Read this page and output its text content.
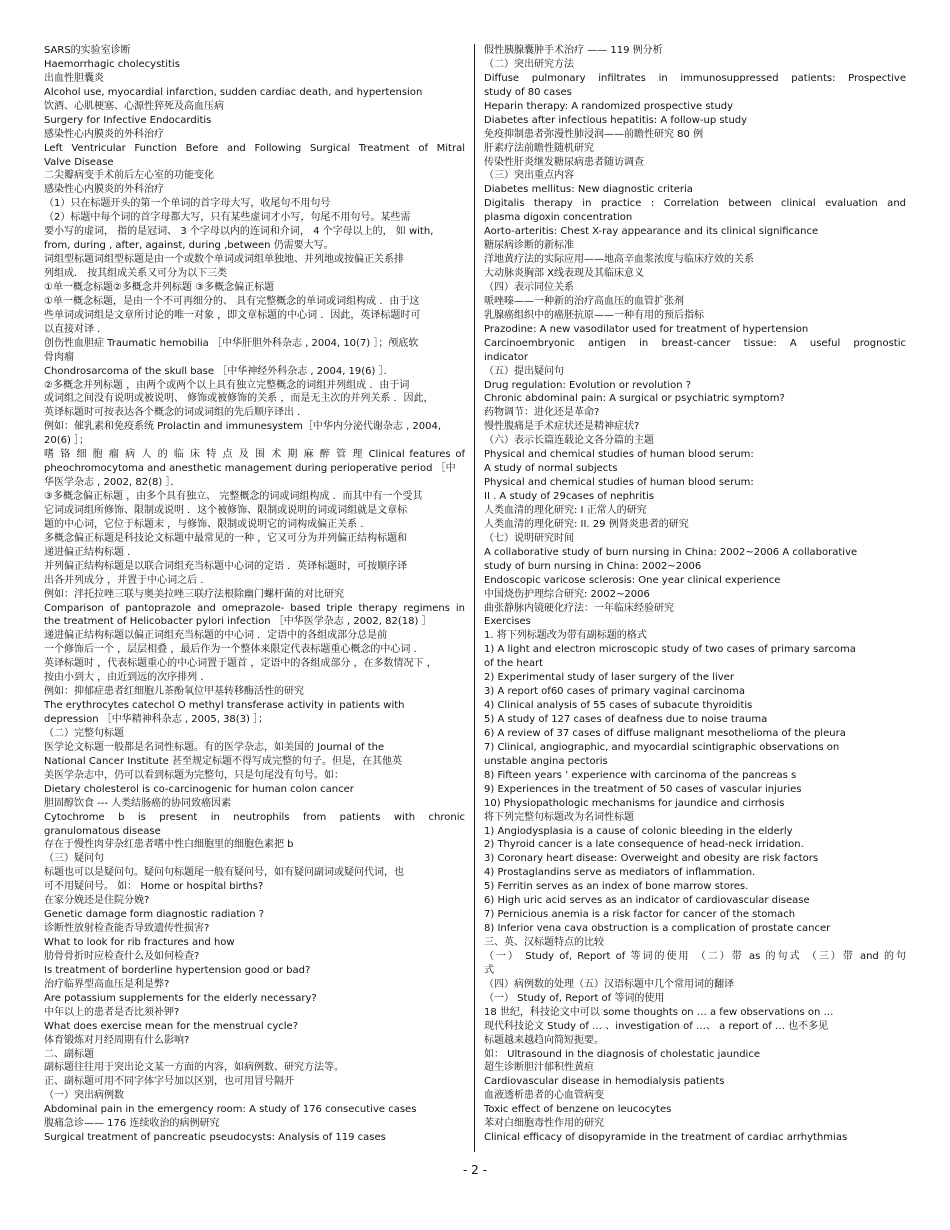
SARS的实验室诊断
Haemorrhagic cholecystitis
出血性胆囊炎
Alcohol use, myocardial infarction, sudden cardiac death, and hypertension
饮酒、心肌梗塞、心源性猝死及高血压病
Surgery for Infective Endocarditis
感染性心内膜炎的外科治疗
Left Ventricular Function Before and Following Surgical Treatment of Mitral
Valve Disease
二尖瓣病变手术前后左心室的功能变化
感染性心内膜炎的外科治疗
（1）只在标题开头的第一个单词的首字母大写，收尾句不用句号
（2）标题中每个词的首字母都大写，只有某些虚词才小写，句尾不用句号。某些需
要小写的虚词， 指的是冠词、 3 个字母以内的连词和介词， 4 个字母以上的， 如 with,
from, during , after, against, during ,between 仍需要大写。
词组型标题词组型标题是由一个或数个单词或词组单独地、并列地或按偏正关系排
列组成． 按其组成关系又可分为以下三类
①单一概念标题②多概念并列标题 ③多概念偏正标题
①单一概念标题，是由一个不可再细分的、 具有完整概念的单词或词组构成 ．由于这
些单词或词组是文章所讨论的唯一对象 ，即文章标题的中心词 ．因此，英译标题时可
以直接对译 ．
创伤性血胆症 Traumatic hemobilia ［中华肝胆外科杂志 , 2004, 10(7) ］；颅底软
骨肉瘤
Chondrosarcoma of the skull base ［中华神经外科杂志 , 2004, 19(6) ］．
②多概念并列标题 ，由两个或两个以上具有独立完整概念的词组并列组成 ．由于词
或词组之间没有说明或被说明、 修饰或被修饰的关系 ，而是无主次的并列关系 ．因此，
英译标题时可按表达各个概念的词或词组的先后顺序译出 ．
例如：催乳素和免疫系统 Prolactin and immunesystem［中华内分泌代谢杂志 , 2004,
20(6) ］；
嗜 铬 细 胞 瘤 病 人 的 临 床 特 点 及 围 术 期 麻 醉 管 理 Clinical features of
pheochromocytoma and anesthetic management during perioperative period ［中
华医学杂志 , 2002, 82(8) ］．
③多概念偏正标题 ，由多个具有独立、 完整概念的词或词组构成 ．而其中有一个受其
它词或词组所修饰、限制或说明 ．这个被修饰、限制或说明的词或词组就是文章标
题的中心词，它位于标题末 ，与修饰、限制或说明它的词构成偏正关系 ．
多概念偏正标题是科技论文标题中最常见的一种 ，它又可分为并列偏正结构标题和
递进偏正结构标题 ．
并列偏正结构标题是以联合词组充当标题中心词的定语 ．英译标题时，可按顺序译
出各并列成分 ，并置于中心词之后 ．
例如：泮托拉唑三联与奥美拉唑三联疗法根除幽门螺杆菌的对比研究
Comparison of pantoprazole and omeprazole- based triple therapy regimens in
the treatment of Helicobacter pylori infection ［中华医学杂志 , 2002, 82(18) ］
递进偏正结构标题以偏正词组充当标题的中心词 ．定语中的各组成部分总是前
一个修饰后一个 ，层层相叠 ，最后作为一个整体来限定代表标题重心概念的中心词 ．
英译标题时 ，代表标题重心的中心词置于题首 ，定语中的各组成部分 ，在多数情况下 ，
按由小到大 ，由近到远的次序排列 ．
例如：抑郁症患者红细胞儿茶酚氧位甲基转移酶活性的研究
The erythrocytes catechol O methyl transferase activity in patients with
depression ［中华精神科杂志 , 2005, 38(3) ］；
（二）完整句标题
医学论文标题一般都是名词性标题。有的医学杂志，如美国的 Journal of the
National Cancer Institute 甚至规定标题不得写成完整的句子。但是，在其他英
美医学杂志中，仍可以看到标题为完整句，只是句尾没有句号。如：
Dietary cholesterol is co-carcinogenic for human colon cancer
胆固醇饮食 --- 人类结肠癌的协同致癌因素
Cytochrome b is present in neutrophils from patients with chronic
granulomatous disease
存在于慢性肉芽杂红患者嗜中性白细胞里的细胞色素把 b
（三）疑问句
标题也可以是疑问句。疑问句标题尾一般有疑问号，如有疑问副词或疑问代词，也
可不用疑问号。 如： Home or hospital births?
在家分娩还是住院分娩?
Genetic damage form diagnostic radiation ?
诊断性放射检查能否导致遗传性损害?
What to look for rib fractures and how
肋骨骨折时应检查什么及如何检查?
Is treatment of borderline hypertension good or bad?
治疗临界型高血压是利是弊?
Are potassium supplements for the elderly necessary?
中年以上的患者是否比须补钾?
What does exercise mean for the menstrual cycle?
体育锻炼对月经周期有什么影响?
二、副标题
副标题往往用于突出论文某一方面的内容，如病例数、研究方法等。
正、副标题可用不同字体字号加以区别，也可用冒号隔开
（一）突出病例数
Abdominal pain in the emergency room: A study of 176 consecutive cases
腹痛急诊—— 176 连续收治的病例研究
Surgical treatment of pancreatic pseudocysts: Analysis of 119 cases
假性胰腺囊肿手术治疗 —— 119 例分析
（二）突出研究方法
Diffuse pulmonary infiltrates in immunosuppressed patients: Prospective
study of 80 cases
Heparin therapy: A randomized prospective study
Diabetes after infectious hepatitis: A follow-up study
免疫抑制患者弥漫性肺浸润——前瞻性研究 80 例
肝素疗法前瞻性随机研究
传染性肝炎继发糖尿病患者随访调查
（三）突出重点内容
Diabetes mellitus: New diagnostic criteria
Digitalis therapy in practice : Correlation between clinical evaluation and
plasma digoxin concentration
Aorto-arteritis: Chest X-ray appearance and its clinical significance
糖尿病诊断的新标准
洋地黄疗法的实际应用——地高辛血浆浓度与临床疗效的关系
大动脉炎胸部 X线表现及其临床意义
（四）表示同位关系
哌唑嗪——一种新的治疗高血压的血管扩张剂
乳腺癌组织中的癌胚抗原——一种有用的预后指标
Prazodine: A new vasodilator used for treatment of hypertension
Carcinoembryonic antigen in breast-cancer tissue: A useful prognostic
indicator
（五）提出疑问句
Drug regulation: Evolution or revolution ?
Chronic abdominal pain: A surgical or psychiatric symptom?
药物调节：进化还是革命?
慢性腹痛是手术症状还是精神症状?
（六）表示长篇连载论文各分篇的主题
Physical and chemical studies of human blood serum:
A study of normal subjects
Physical and chemical studies of human blood serum:
II . A study of 29cases of nephritis
人类血清的理化研究: I 正常人的研究
人类血清的理化研究: II. 29 例肾炎患者的研究
（七）说明研究时间
A collaborative study of burn nursing in China: 2002~2006 A collaborative
study of burn nursing in China: 2002~2006
Endoscopic varicose sclerosis: One year clinical experience
中国烧伤护理综合研究: 2002~2006
曲张静脉内镜硬化疗法：一年临床经验研究
Exercises
1. 将下列标题改为带有副标题的格式
1) A light and electron microscopic study of two cases of primary sarcoma
of the heart
2) Experimental study of laser surgery of the liver
3) A report of60 cases of primary vaginal carcinoma
4) Clinical analysis of 55 cases of subacute thyroiditis
5) A study of 127 cases of deafness due to noise trauma
6) A review of 37 cases of diffuse malignant mesothelioma of the pleura
7) Clinical, angiographic, and myocardial scintigraphic observations on
unstable angina pectoris
8) Fifteen years ’ experience with carcinoma of the pancreas s
9) Experiences in the treatment of 50 cases of vascular injuries
10) Physiopathologic mechanisms for jaundice and cirrhosis
将下列完整句标题改为名词性标题
1) Angiodysplasia is a cause of colonic bleeding in the elderly
2) Thyroid cancer is a late consequence of head-neck irridation.
3) Coronary heart disease: Overweight and obesity are risk factors
4) Prostaglandins serve as mediators of inflammation.
5) Ferritin serves as an index of bone marrow stores.
6) High uric acid serves as an indicator of cardiovascular disease
7) Pernicious anemia is a risk factor for cancer of the stomach
8) Inferior vena cava obstruction is a complication of prostate cancer
三、英、汉标题特点的比较
（一） Study of, Report of 等词的使用 （二）带 as 的句式 （三）带 and 的句
式
（四）病例数的处理（五）汉语标题中几个常用词的翻译
（一） Study of, Report of 等词的使用
18 世纪，科技论文中可以 some thoughts on … a few observations on …
现代科技论文 Study of … 、investigation of …、 a report of … 也不多见
标题越来越趋向简短扼要。
如： Ultrasound in the diagnosis of cholestatic jaundice
超生诊断胆汁郁积性黄疸
Cardiovascular disease in hemodialysis patients
血液透析患者的心血管病变
Toxic effect of benzene on leucocytes
苯对白细胞毒性作用的研究
Clinical efficacy of disopyramide in the treatment of cardiac arrhythmias
- 2 -
